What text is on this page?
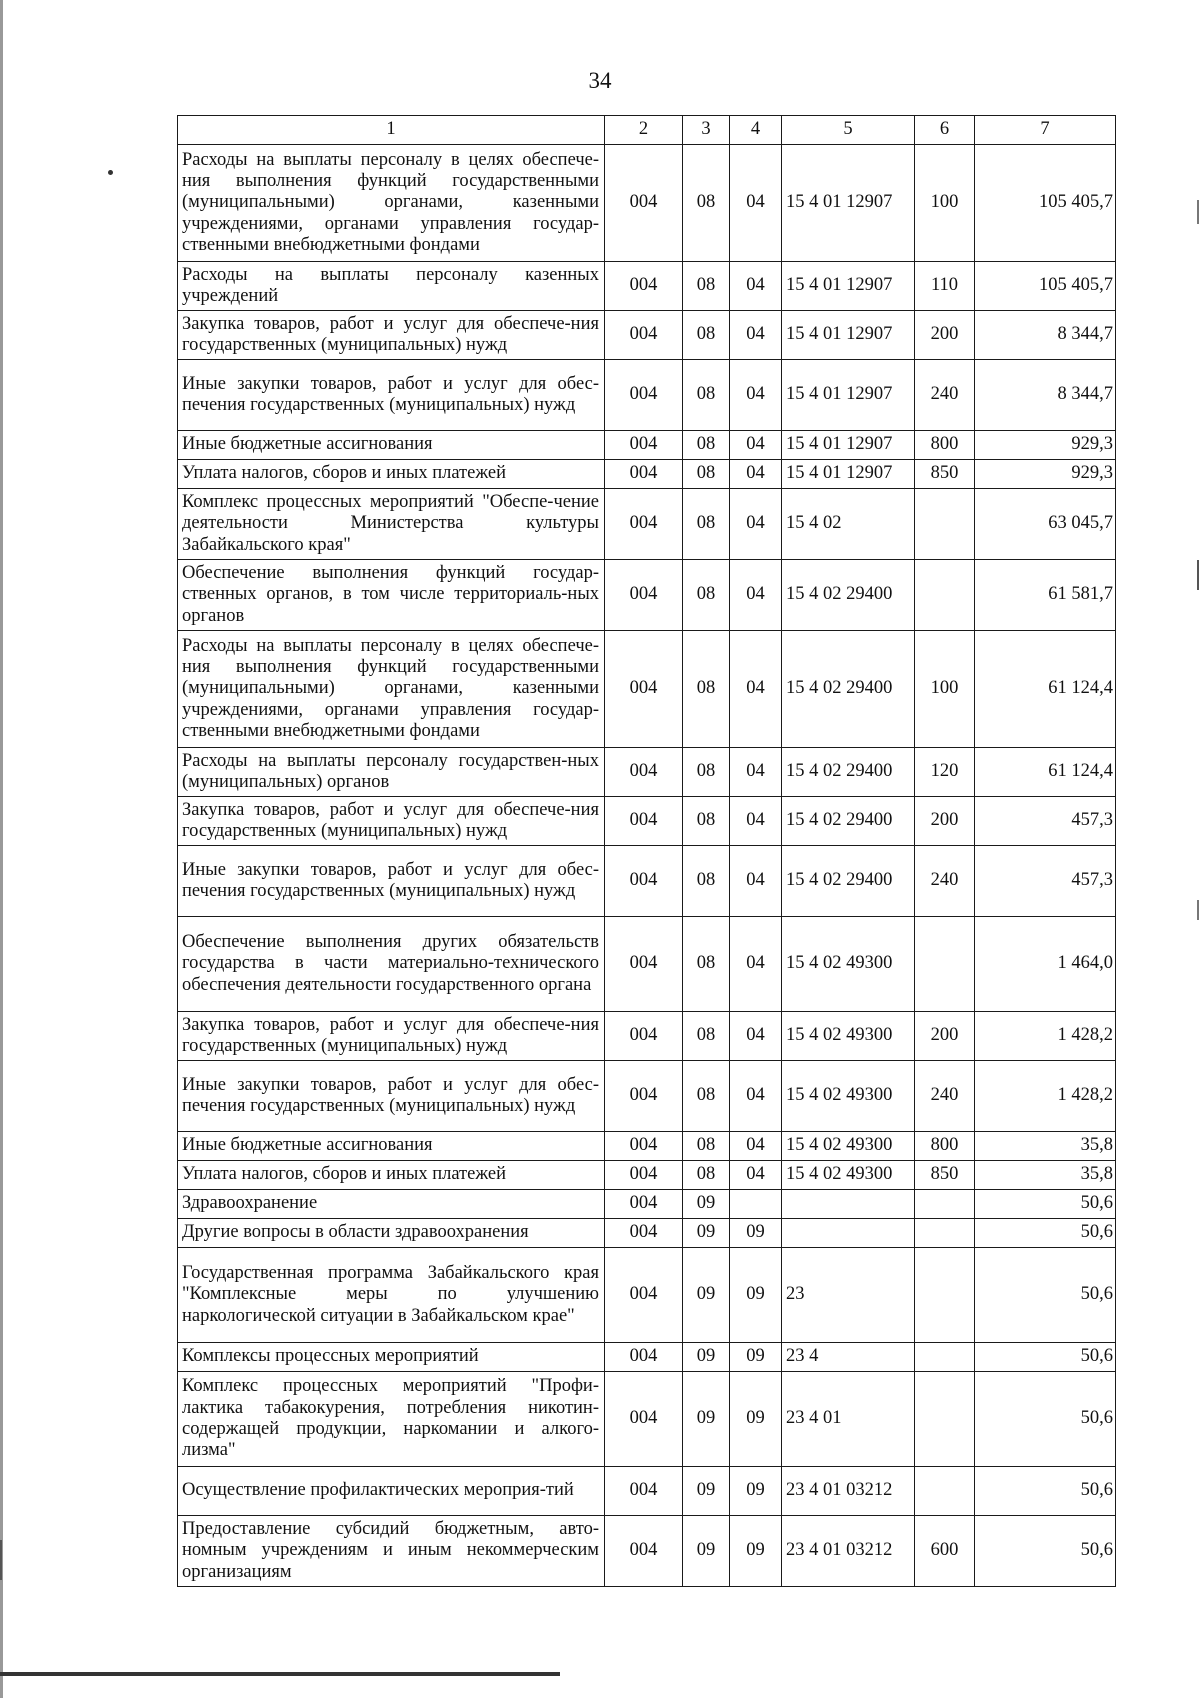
34
1	2	3	4	5	6	7
Расходы на выплаты персоналу в целях обеспече-ния выполнения функций государственными (муниципальными) органами, казенными учреждениями, органами управления государ-ственными внебюджетными фондами	004	08	04	15 4 01 12907	100	105 405,7
Расходы на выплаты персоналу казенных учреждений	004	08	04	15 4 01 12907	110	105 405,7
Закупка товаров, работ и услуг для обеспече-ния государственных (муниципальных) нужд	004	08	04	15 4 01 12907	200	8 344,7
Иные закупки товаров, работ и услуг для обес-печения государственных (муниципальных) нужд	004	08	04	15 4 01 12907	240	8 344,7
Иные бюджетные ассигнования	004	08	04	15 4 01 12907	800	929,3
Уплата налогов, сборов и иных платежей	004	08	04	15 4 01 12907	850	929,3
Комплекс процессных мероприятий "Обеспе-чение деятельности Министерства культуры Забайкальского края"	004	08	04	15 4 02		63 045,7
Обеспечение выполнения функций государ-ственных органов, в том числе территориаль-ных органов	004	08	04	15 4 02 29400		61 581,7
Расходы на выплаты персоналу в целях обеспече-ния выполнения функций государственными (муниципальными) органами, казенными учреждениями, органами управления государ-ственными внебюджетными фондами	004	08	04	15 4 02 29400	100	61 124,4
Расходы на выплаты персоналу государствен-ных (муниципальных) органов	004	08	04	15 4 02 29400	120	61 124,4
Закупка товаров, работ и услуг для обеспече-ния государственных (муниципальных) нужд	004	08	04	15 4 02 29400	200	457,3
Иные закупки товаров, работ и услуг для обес-печения государственных (муниципальных) нужд	004	08	04	15 4 02 29400	240	457,3
Обеспечение выполнения других обязательств государства в части материально-технического обеспечения деятельности государственного органа	004	08	04	15 4 02 49300		1 464,0
Закупка товаров, работ и услуг для обеспече-ния государственных (муниципальных) нужд	004	08	04	15 4 02 49300	200	1 428,2
Иные закупки товаров, работ и услуг для обес-печения государственных (муниципальных) нужд	004	08	04	15 4 02 49300	240	1 428,2
Иные бюджетные ассигнования	004	08	04	15 4 02 49300	800	35,8
Уплата налогов, сборов и иных платежей	004	08	04	15 4 02 49300	850	35,8
Здравоохранение	004	09				50,6
Другие вопросы в области здравоохранения	004	09	09			50,6
Государственная программа Забайкальского края "Комплексные меры по улучшению наркологической ситуации в Забайкальском крае"	004	09	09	23		50,6
Комплексы процессных мероприятий	004	09	09	23 4		50,6
Комплекс процессных мероприятий "Профи-лактика табакокурения, потребления никотин-содержащей продукции, наркомании и алкого-лизма"	004	09	09	23 4 01		50,6
Осуществление профилактических мероприя-тий	004	09	09	23 4 01 03212		50,6
Предоставление субсидий бюджетным, авто-номным учреждениям и иным некоммерческим организациям	004	09	09	23 4 01 03212	600	50,6
